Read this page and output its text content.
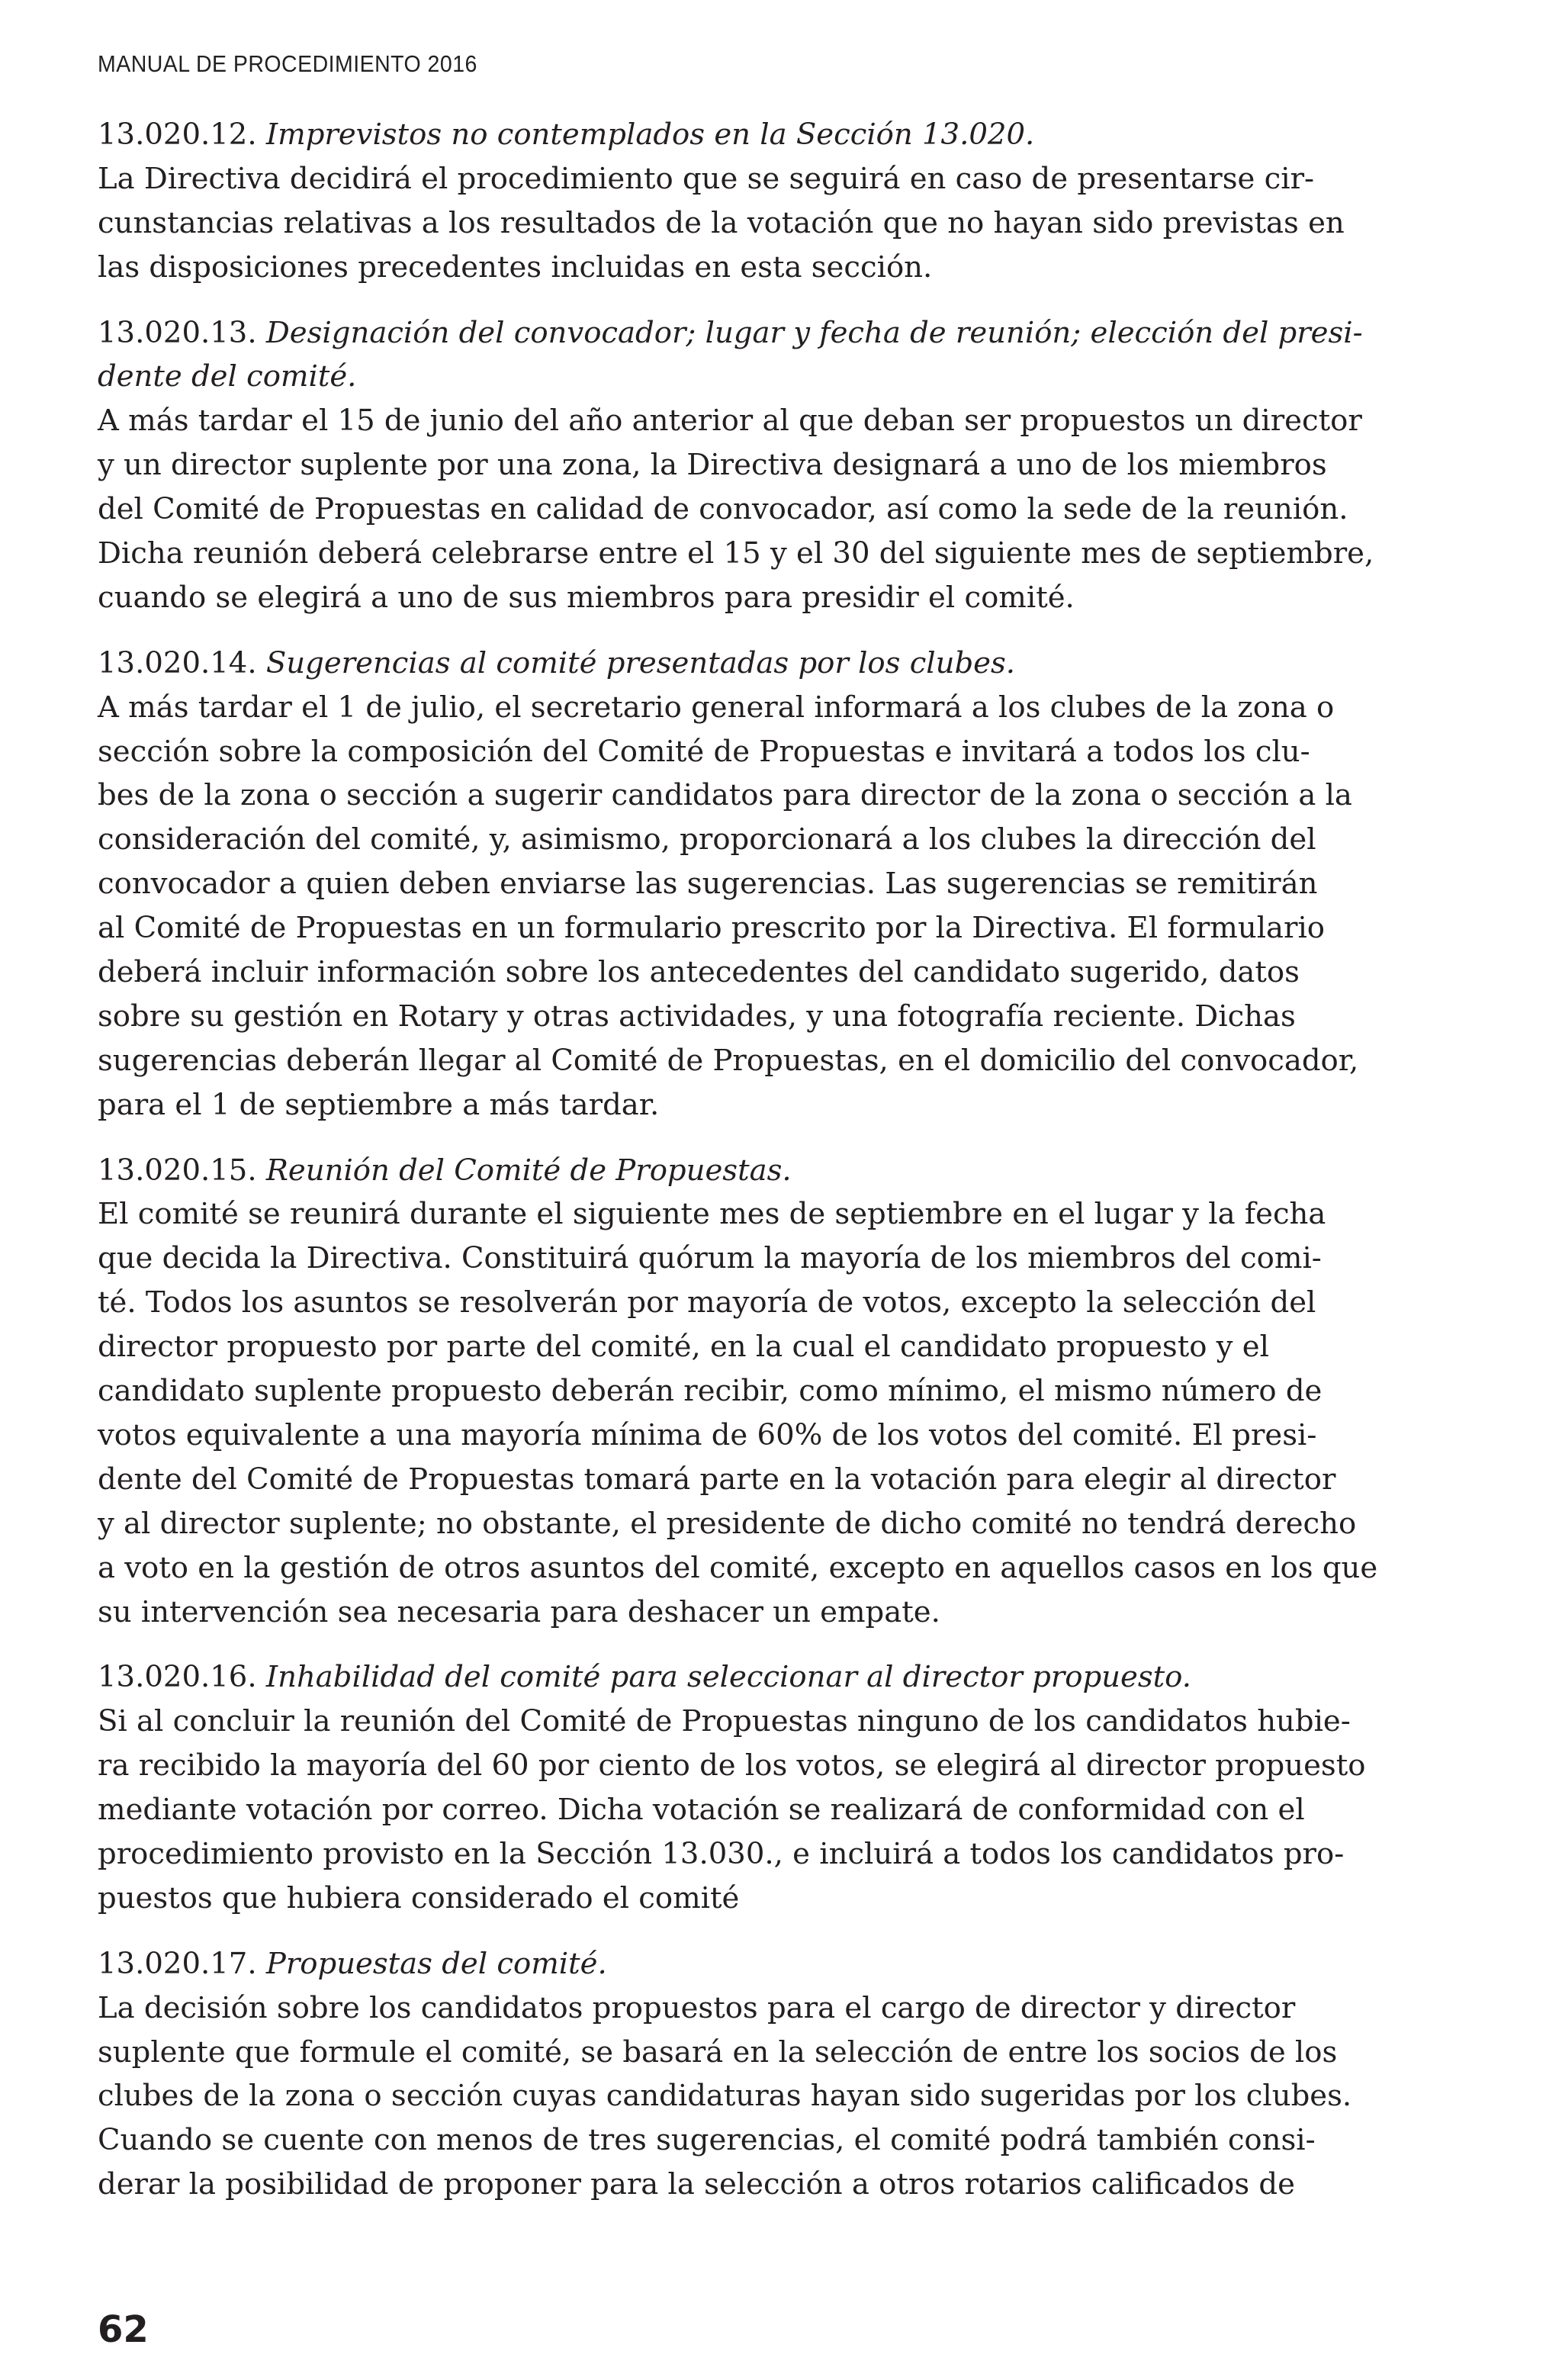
MANUAL DE PROCEDIMIENTO 2016
13.020.12. Imprevistos no contemplados en la Sección 13.020.
La Directiva decidirá el procedimiento que se seguirá en caso de presentarse cir-
cunstancias relativas a los resultados de la votación que no hayan sido previstas en
las disposiciones precedentes incluidas en esta sección.
13.020.13. Designación del convocador; lugar y fecha de reunión; elección del presi-
dente del comité.
A más tardar el 15 de junio del año anterior al que deban ser propuestos un director
y un director suplente por una zona, la Directiva designará a uno de los miembros
del Comité de Propuestas en calidad de convocador, así como la sede de la reunión.
Dicha reunión deberá celebrarse entre el 15 y el 30 del siguiente mes de septiembre,
cuando se elegirá a uno de sus miembros para presidir el comité.
13.020.14. Sugerencias al comité presentadas por los clubes.
A más tardar el 1 de julio, el secretario general informará a los clubes de la zona o
sección sobre la composición del Comité de Propuestas e invitará a todos los clu-
bes de la zona o sección a sugerir candidatos para director de la zona o sección a la
consideración del comité, y, asimismo, proporcionará a los clubes la dirección del
convocador a quien deben enviarse las sugerencias. Las sugerencias se remitirán
al Comité de Propuestas en un formulario prescrito por la Directiva. El formulario
deberá incluir información sobre los antecedentes del candidato sugerido, datos
sobre su gestión en Rotary y otras actividades, y una fotografía reciente. Dichas
sugerencias deberán llegar al Comité de Propuestas, en el domicilio del convocador,
para el 1 de septiembre a más tardar.
13.020.15. Reunión del Comité de Propuestas.
El comité se reunirá durante el siguiente mes de septiembre en el lugar y la fecha
que decida la Directiva. Constituirá quórum la mayoría de los miembros del comi-
té. Todos los asuntos se resolverán por mayoría de votos, excepto la selección del
director propuesto por parte del comité, en la cual el candidato propuesto y el
candidato suplente propuesto deberán recibir, como mínimo, el mismo número de
votos equivalente a una mayoría mínima de 60% de los votos del comité. El presi-
dente del Comité de Propuestas tomará parte en la votación para elegir al director
y al director suplente; no obstante, el presidente de dicho comité no tendrá derecho
a voto en la gestión de otros asuntos del comité, excepto en aquellos casos en los que
su intervención sea necesaria para deshacer un empate.
13.020.16. Inhabilidad del comité para seleccionar al director propuesto.
Si al concluir la reunión del Comité de Propuestas ninguno de los candidatos hubie-
ra recibido la mayoría del 60 por ciento de los votos, se elegirá al director propuesto
mediante votación por correo. Dicha votación se realizará de conformidad con el
procedimiento provisto en la Sección 13.030., e incluirá a todos los candidatos pro-
puestos que hubiera considerado el comité
13.020.17. Propuestas del comité.
La decisión sobre los candidatos propuestos para el cargo de director y director
suplente que formule el comité, se basará en la selección de entre los socios de los
clubes de la zona o sección cuyas candidaturas hayan sido sugeridas por los clubes.
Cuando se cuente con menos de tres sugerencias, el comité podrá también consi-
derar la posibilidad de proponer para la selección a otros rotarios calificados de
62
